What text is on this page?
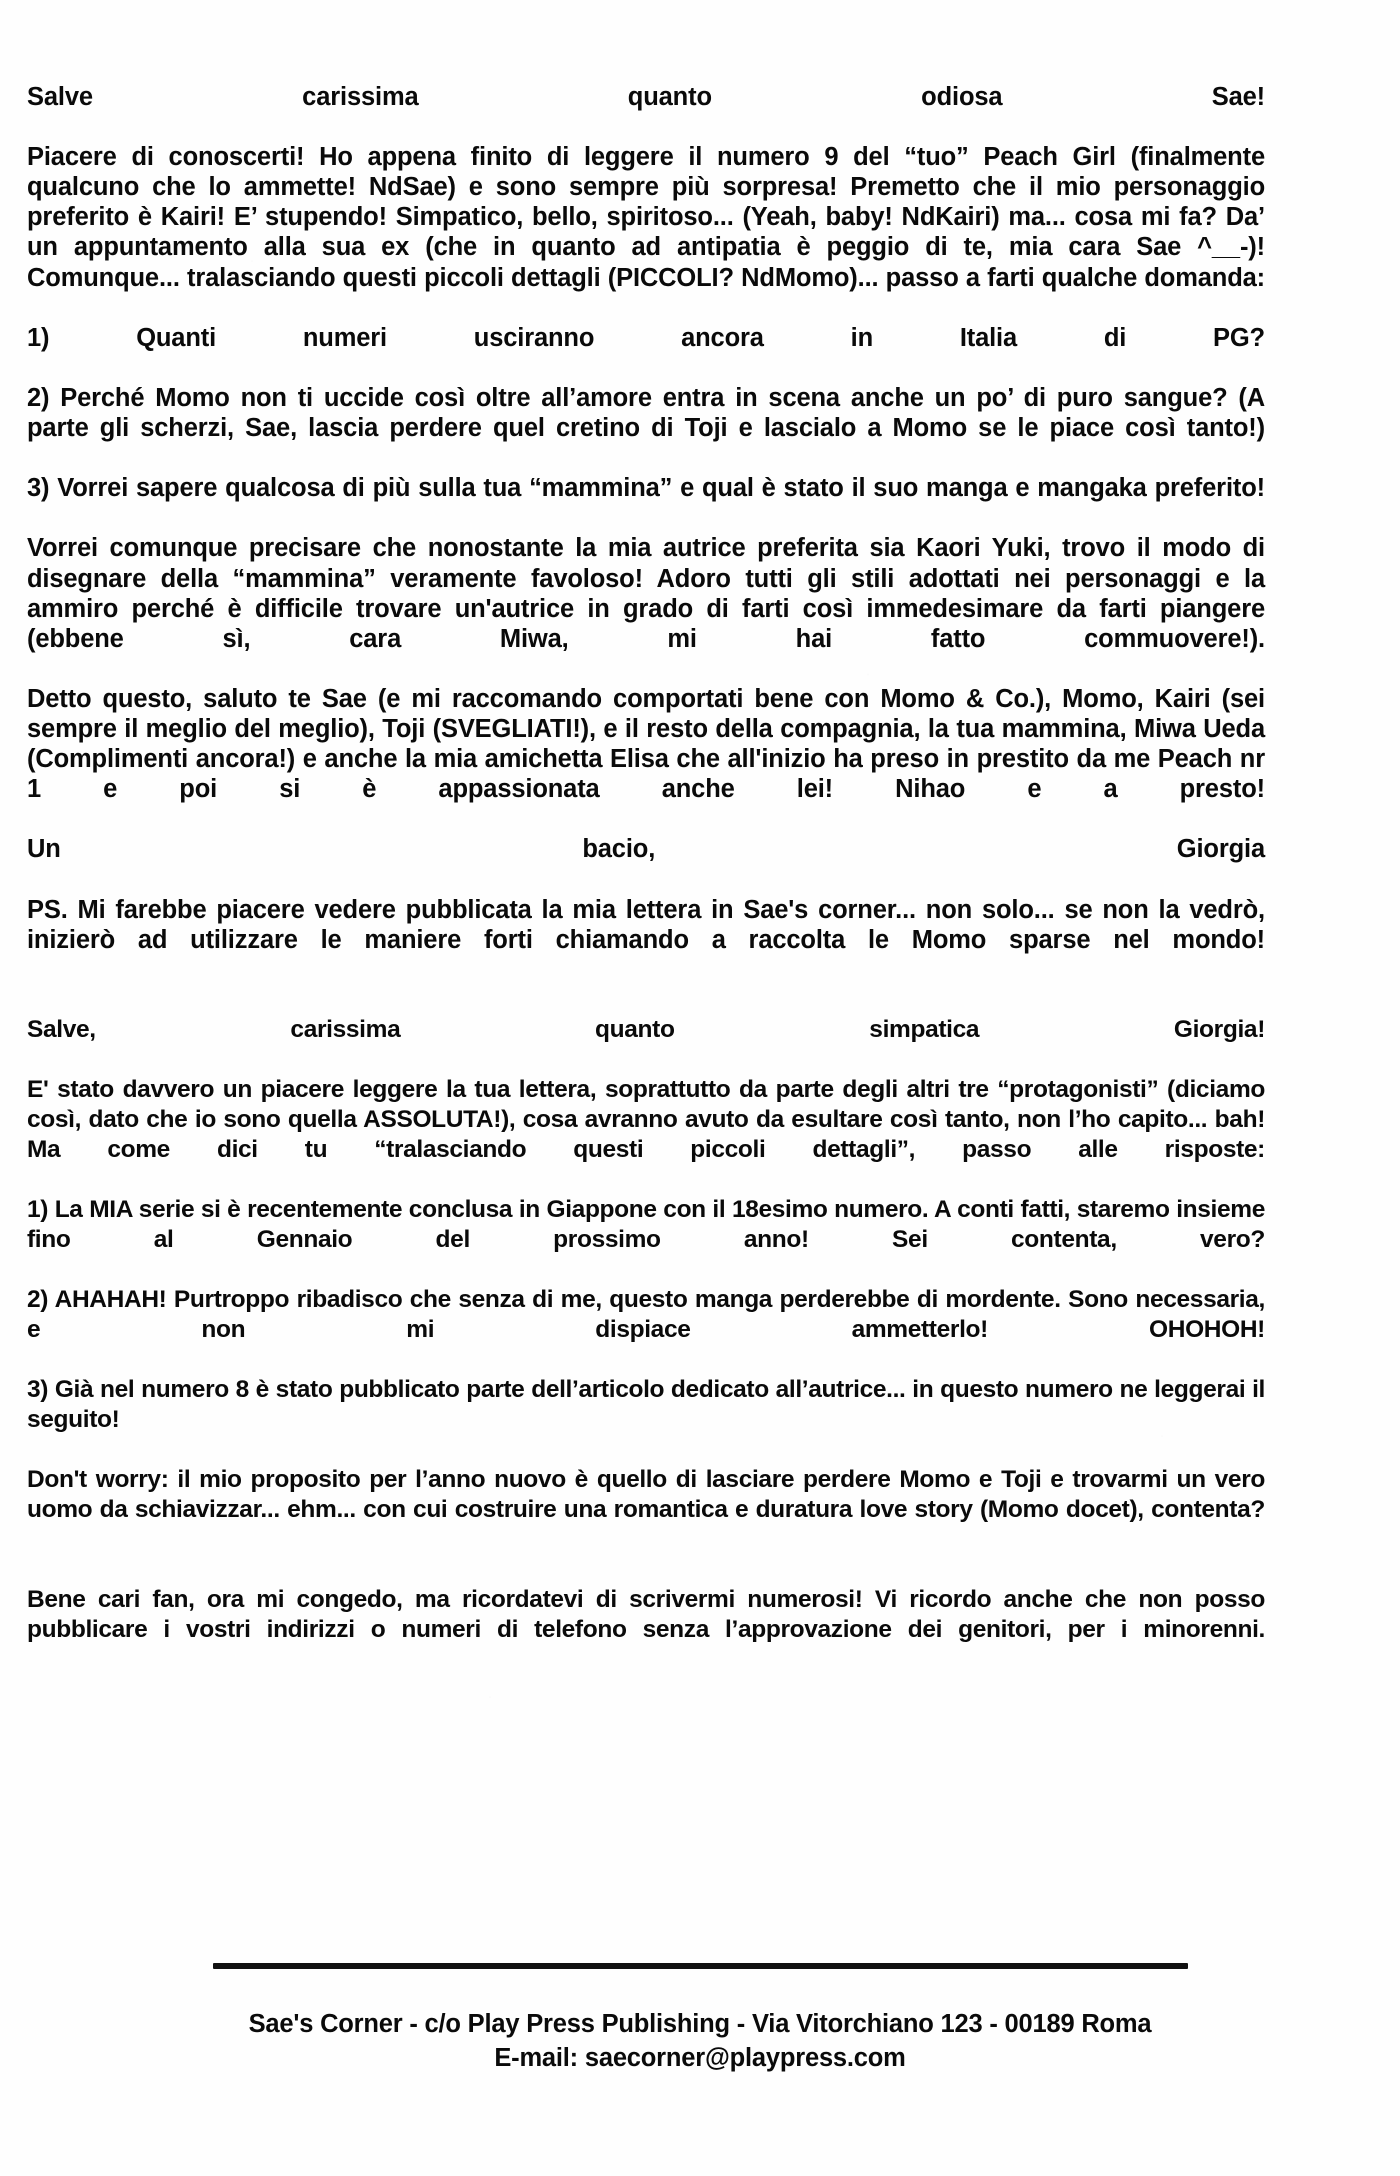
Salve carissima quanto odiosa Sae!

Piacere di conoscerti! Ho appena finito di leggere il numero 9 del “tuo” Peach Girl (finalmente qualcuno che lo ammette! NdSae) e sono sempre più sorpresa! Premetto che il mio personaggio preferito è Kairi! E’ stupendo! Simpatico, bello, spiritoso... (Yeah, baby! NdKairi) ma... cosa mi fa? Da’ un appuntamento alla sua ex (che in quanto ad antipatia è peggio di te, mia cara Sae ^__-)! Comunque... tralasciando questi piccoli dettagli (PICCOLI? NdMomo)... passo a farti qualche domanda:

1) Quanti numeri usciranno ancora in Italia di PG?

2) Perché Momo non ti uccide così oltre all’amore entra in scena anche un po’ di puro sangue? (A parte gli scherzi, Sae, lascia perdere quel cretino di Toji e lascialo a Momo se le piace così tanto!)

3) Vorrei sapere qualcosa di più sulla tua “mammina” e qual è stato il suo manga e mangaka preferito!

Vorrei comunque precisare che nonostante la mia autrice preferita sia Kaori Yuki, trovo il modo di disegnare della “mammina” veramente favoloso! Adoro tutti gli stili adottati nei personaggi e la ammiro perché è difficile trovare un'autrice in grado di farti così immedesimare da farti piangere (ebbene sì, cara Miwa, mi hai fatto commuovere!).

Detto questo, saluto te Sae (e mi raccomando comportati bene con Momo & Co.), Momo, Kairi (sei sempre il meglio del meglio), Toji (SVEGLIATI!), e il resto della compagnia, la tua mammina, Miwa Ueda (Complimenti ancora!) e anche la mia amichetta Elisa che all'inizio ha preso in prestito da me Peach nr 1 e poi si è appassionata anche lei! Nihao e a presto!

Un bacio, Giorgia

PS. Mi farebbe piacere vedere pubblicata la mia lettera in Sae's corner... non solo... se non la vedrò, inizierò ad utilizzare le maniere forti chiamando a raccolta le Momo sparse nel mondo!

Salve, carissima quanto simpatica Giorgia!

E' stato davvero un piacere leggere la tua lettera, soprattutto da parte degli altri tre “protagonisti” (diciamo così, dato che io sono quella ASSOLUTA!), cosa avranno avuto da esultare così tanto, non l’ho capito... bah! Ma come dici tu “tralasciando questi piccoli dettagli”, passo alle risposte:

1) La MIA serie si è recentemente conclusa in Giappone con il 18esimo numero. A conti fatti, staremo insieme fino al Gennaio del prossimo anno! Sei contenta, vero?

2) AHAHAH! Purtroppo ribadisco che senza di me, questo manga perderebbe di mordente. Sono necessaria, e non mi dispiace ammetterlo! OHOHOH!

3) Già nel numero 8 è stato pubblicato parte dell’articolo dedicato all’autrice... in questo numero ne leggerai il seguito!

Don't worry: il mio proposito per l’anno nuovo è quello di lasciare perdere Momo e Toji e trovarmi un vero uomo da schiavizzar... ehm... con cui costruire una romantica e duratura love story (Momo docet), contenta?

Bene cari fan, ora mi congedo, ma ricordatevi di scrivermi numerosi! Vi ricordo anche che non posso pubblicare i vostri indirizzi o numeri di telefono senza l’approvazione dei genitori, per i minorenni.

Sae's Corner - c/o Play Press Publishing - Via Vitorchiano 123 - 00189 Roma
E-mail: saecorner@playpress.com
